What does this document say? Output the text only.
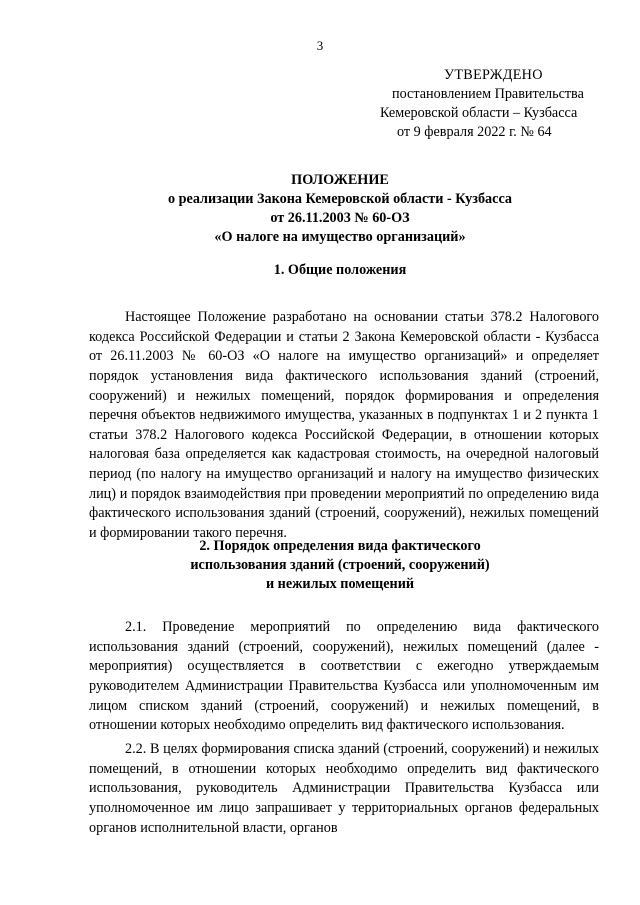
3
УТВЕРЖДЕНО
постановлением Правительства
Кемеровской области – Кузбасса
от 9 февраля 2022 г. № 64
ПОЛОЖЕНИЕ
о реализации Закона Кемеровской области - Кузбасса
от 26.11.2003 № 60-ОЗ
«О налоге на имущество организаций»
1. Общие положения

Настоящее Положение разработано на основании статьи 378.2 Налогового кодекса Российской Федерации и статьи 2 Закона Кемеровской области - Кузбасса от 26.11.2003 № 60-ОЗ «О налоге на имущество организаций» и определяет порядок установления вида фактического использования зданий (строений, сооружений) и нежилых помещений, порядок формирования и определения перечня объектов недвижимого имущества, указанных в подпунктах 1 и 2 пункта 1 статьи 378.2 Налогового кодекса Российской Федерации, в отношении которых налоговая база определяется как кадастровая стоимость, на очередной налоговый период (по налогу на имущество организаций и налогу на имущество физических лиц) и порядок взаимодействия при проведении мероприятий по определению вида фактического использования зданий (строений, сооружений), нежилых помещений и формировании такого перечня.

2. Порядок определения вида фактического
использования зданий (строений, сооружений)
и нежилых помещений

2.1. Проведение мероприятий по определению вида фактического использования зданий (строений, сооружений), нежилых помещений (далее - мероприятия) осуществляется в соответствии с ежегодно утверждаемым руководителем Администрации Правительства Кузбасса или уполномоченным им лицом списком зданий (строений, сооружений) и нежилых помещений, в отношении которых необходимо определить вид фактического использования.

2.2. В целях формирования списка зданий (строений, сооружений) и нежилых помещений, в отношении которых необходимо определить вид фактического использования, руководитель Администрации Правительства Кузбасса или уполномоченное им лицо запрашивает у территориальных органов федеральных органов исполнительной власти, органов
